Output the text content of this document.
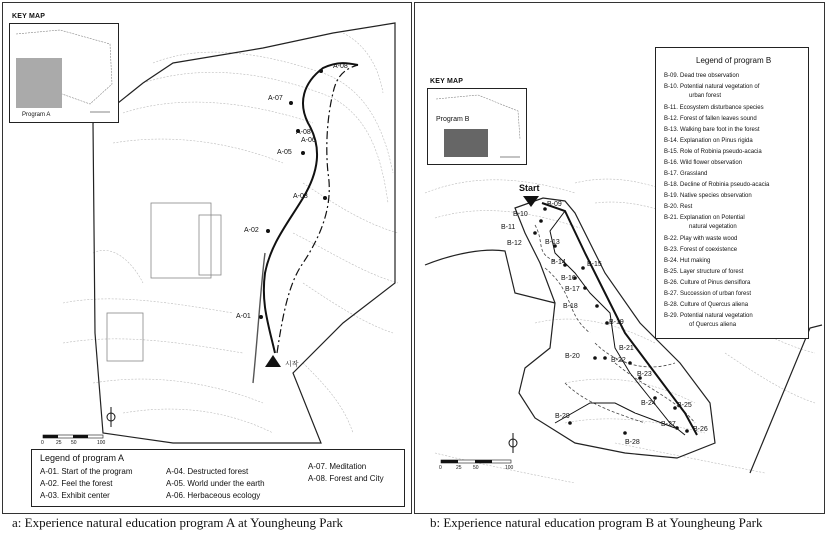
KEY MAP
Program A
A-01
A-02
A-03
A-05
A-06
A-07
A-08
A-08
시작
0 25 50	100
Legend of program A
A-01. Start of the program
A-02. Feel the forest
A-03. Exhibit center
A-04. Destructed forest
A-05. World under the earth
A-06. Herbaceous ecology
A-07. Meditation
A-08. Forest and City
KEY MAP
Program B
Start
B-09
B-10
B-11
B-12	B-13
B-14	B-15
B-16
B-17
B-18
B-19
B-20
B-21
B-22
B-23
B-24	B-25
B-26
B-27
B-28
B-29
0	25 50	100
Legend of program B
B-09. Dead tree observation
B-10. Potential natural vegetation of
urban forest
B-11. Ecosystem disturbance species
B-12. Forest of fallen leaves sound
B-13. Walking bare foot in the forest
B-14. Explanation on Pinus rigida
B-15. Role of Robinia pseudo-acacia
B-16. Wild flower observation
B-17. Grassland
B-18. Decline of Robinia pseudo-acacia
B-19. Native species observation
B-20. Rest
B-21. Explanation on Potential
natural vegetation
B-22. Play with waste wood
B-23. Forest of coexistence
B-24. Hut making
B-25. Layer structure of forest
B-26. Culture of Pinus densiflora
B-27. Succession of urban forest
B-28. Culture of Quercus aliena
B-29. Potential natural vegetation
of Quercus aliena
a: Experience natural education program A at Youngheung Park	b: Experience natural education program B at Youngheung Park
